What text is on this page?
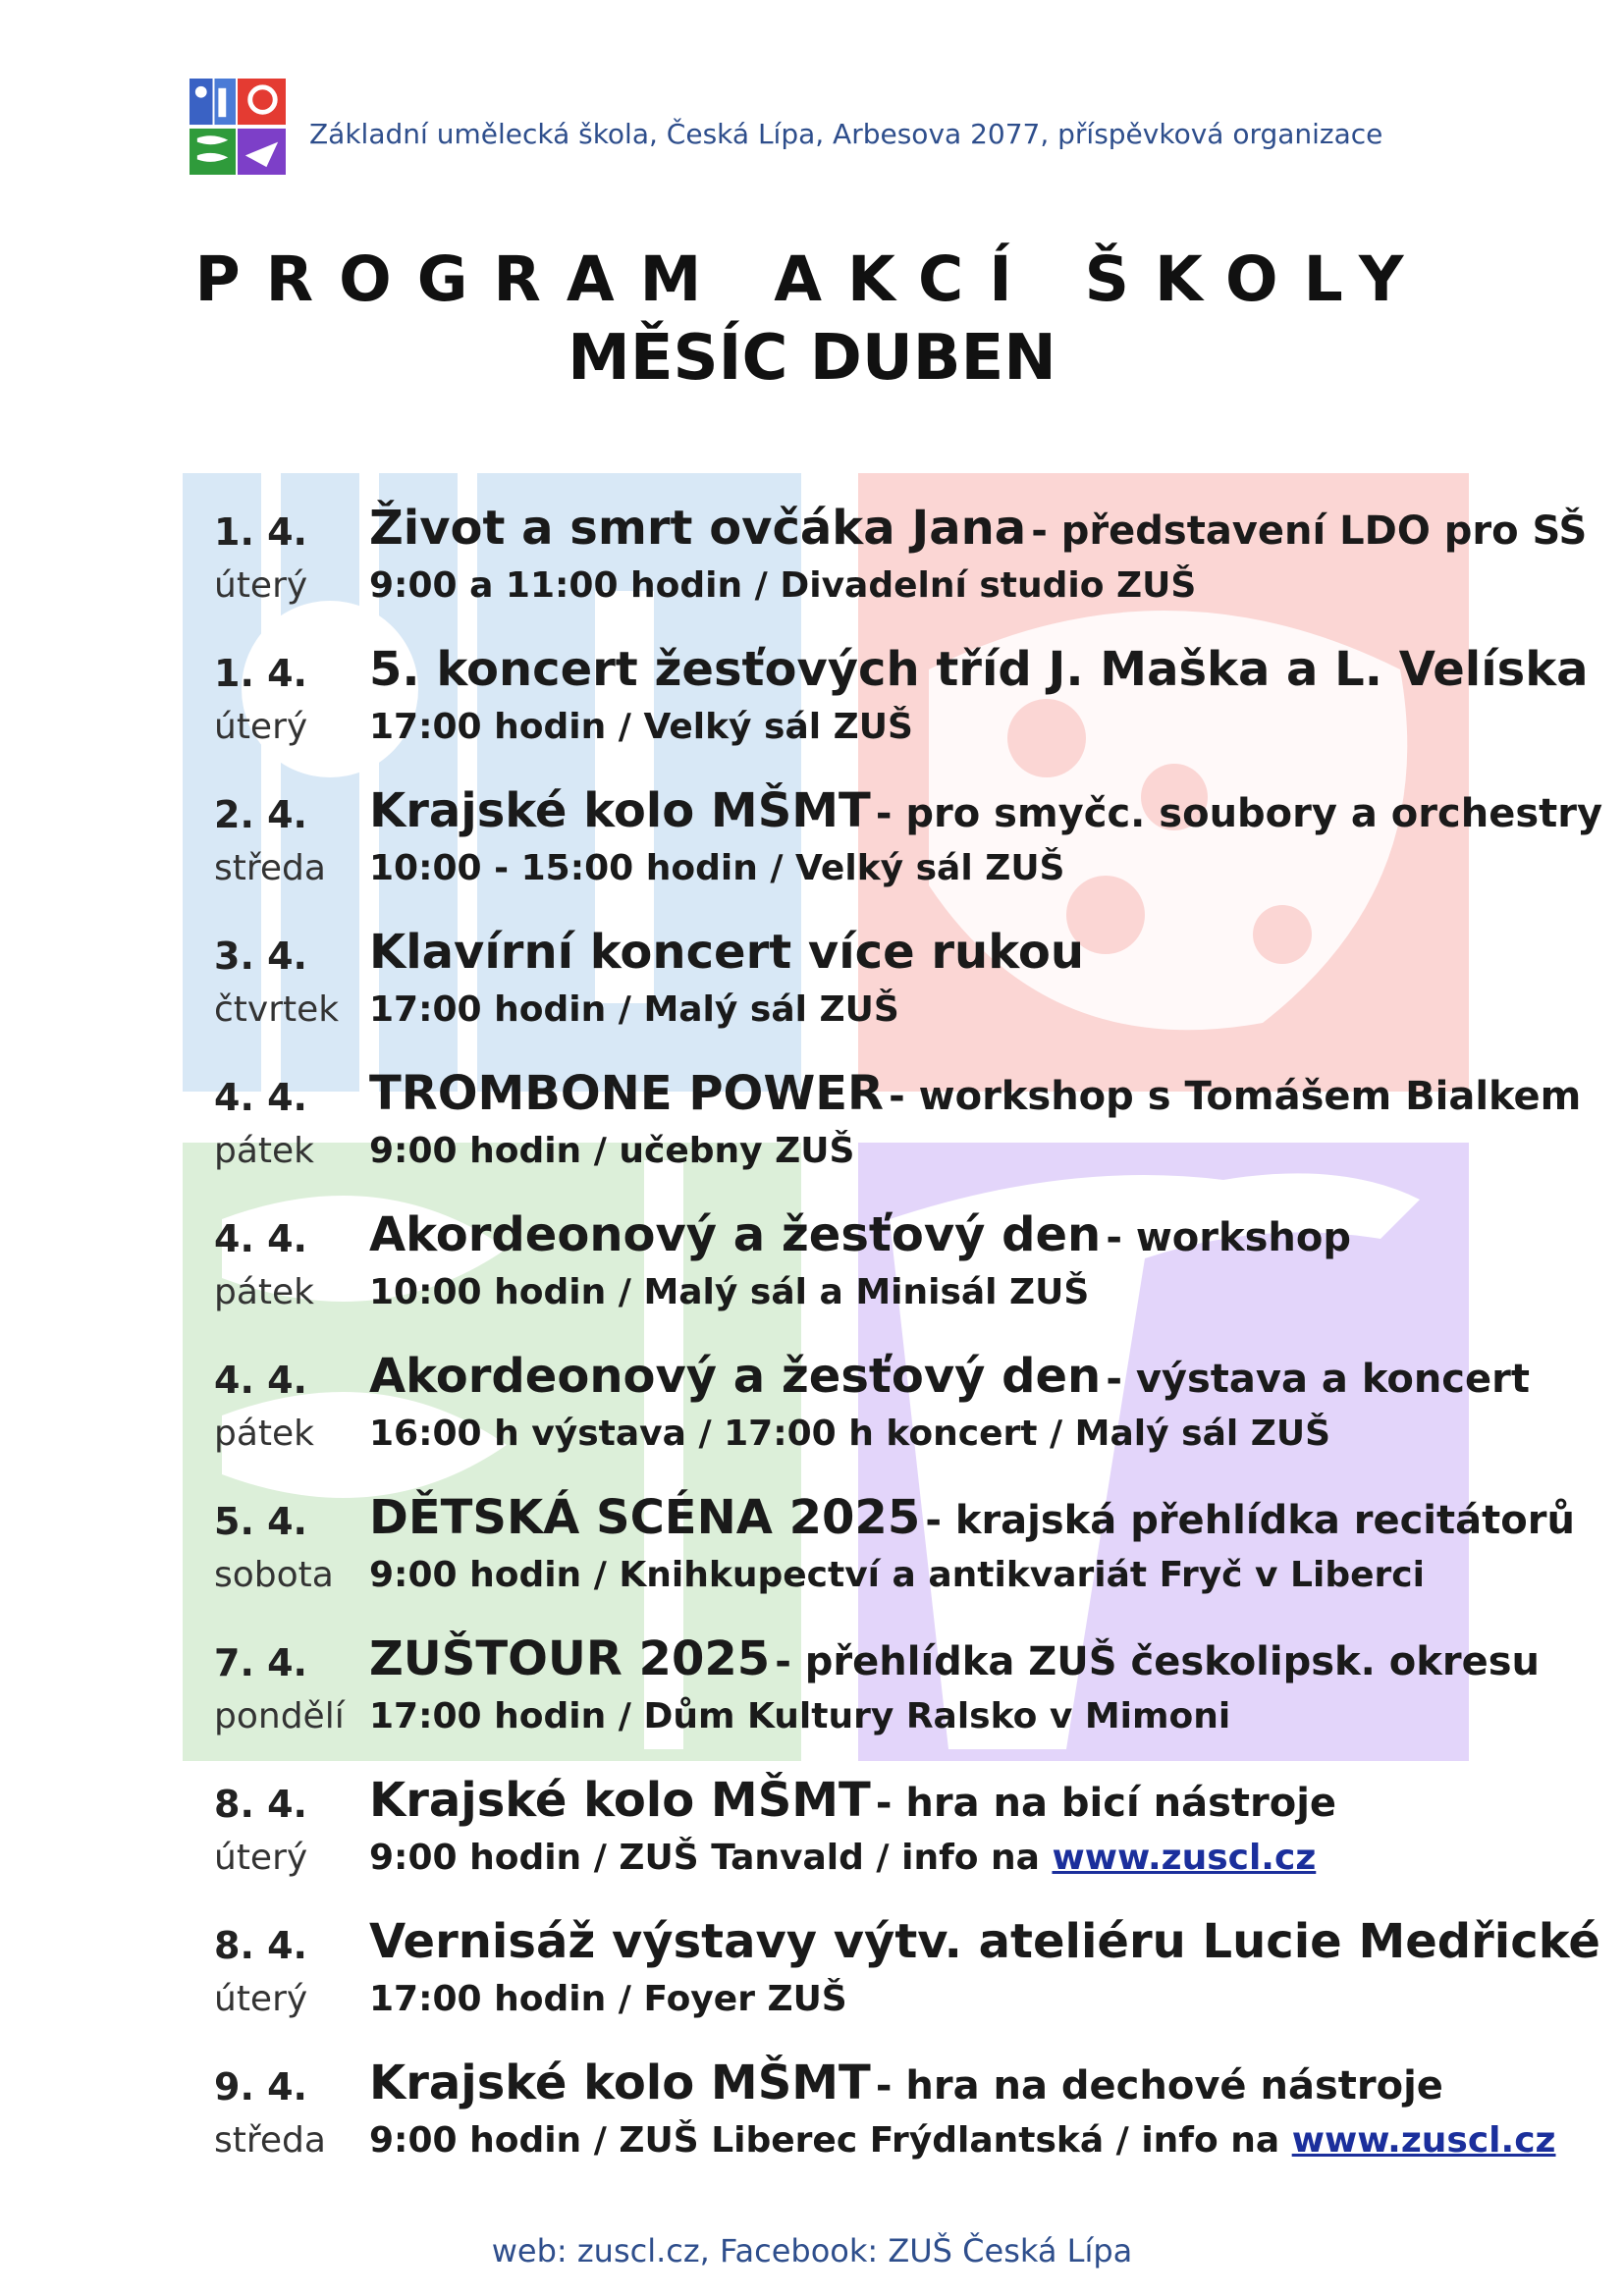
Základní umělecká škola, Česká Lípa, Arbesova 2077, příspěvková organizace
PROGRAM AKCÍ ŠKOLY
MĚSÍC DUBEN
1. 4.
úterý
Život a smrt ovčáka Jana - představení LDO pro SŠ
9:00 a 11:00 hodin / Divadelní studio ZUŠ
1. 4.
úterý
5. koncert žesťových tříd J. Maška a L. Velíska
17:00 hodin / Velký sál ZUŠ
2. 4.
středa
Krajské kolo MŠMT - pro smyčc. soubory a orchestry
10:00 - 15:00 hodin / Velký sál ZUŠ
3. 4.
čtvrtek
Klavírní koncert více rukou
17:00 hodin / Malý sál ZUŠ
4. 4.
pátek
TROMBONE POWER - workshop s Tomášem Bialkem
9:00 hodin / učebny ZUŠ
4. 4.
pátek
Akordeonový a žesťový den - workshop
10:00 hodin / Malý sál a Minisál ZUŠ
4. 4.
pátek
Akordeonový a žesťový den - výstava a koncert
16:00 h výstava / 17:00 h koncert / Malý sál ZUŠ
5. 4.
sobota
DĚTSKÁ SCÉNA 2025 - krajská přehlídka recitátorů
9:00 hodin / Knihkupectví a antikvariát Fryč v Liberci
7. 4.
pondělí
ZUŠTOUR 2025 - přehlídka ZUŠ českolipsk. okresu
17:00 hodin / Dům Kultury Ralsko v Mimoni
8. 4.
úterý
Krajské kolo MŠMT - hra na bicí nástroje
9:00 hodin / ZUŠ Tanvald / info na www.zuscl.cz
8. 4.
úterý
Vernisáž výstavy výtv. ateliéru Lucie Medřické
17:00 hodin / Foyer ZUŠ
9. 4.
středa
Krajské kolo MŠMT - hra na dechové nástroje
9:00 hodin / ZUŠ Liberec Frýdlantská / info na www.zuscl.cz
web: zuscl.cz, Facebook: ZUŠ Česká Lípa
